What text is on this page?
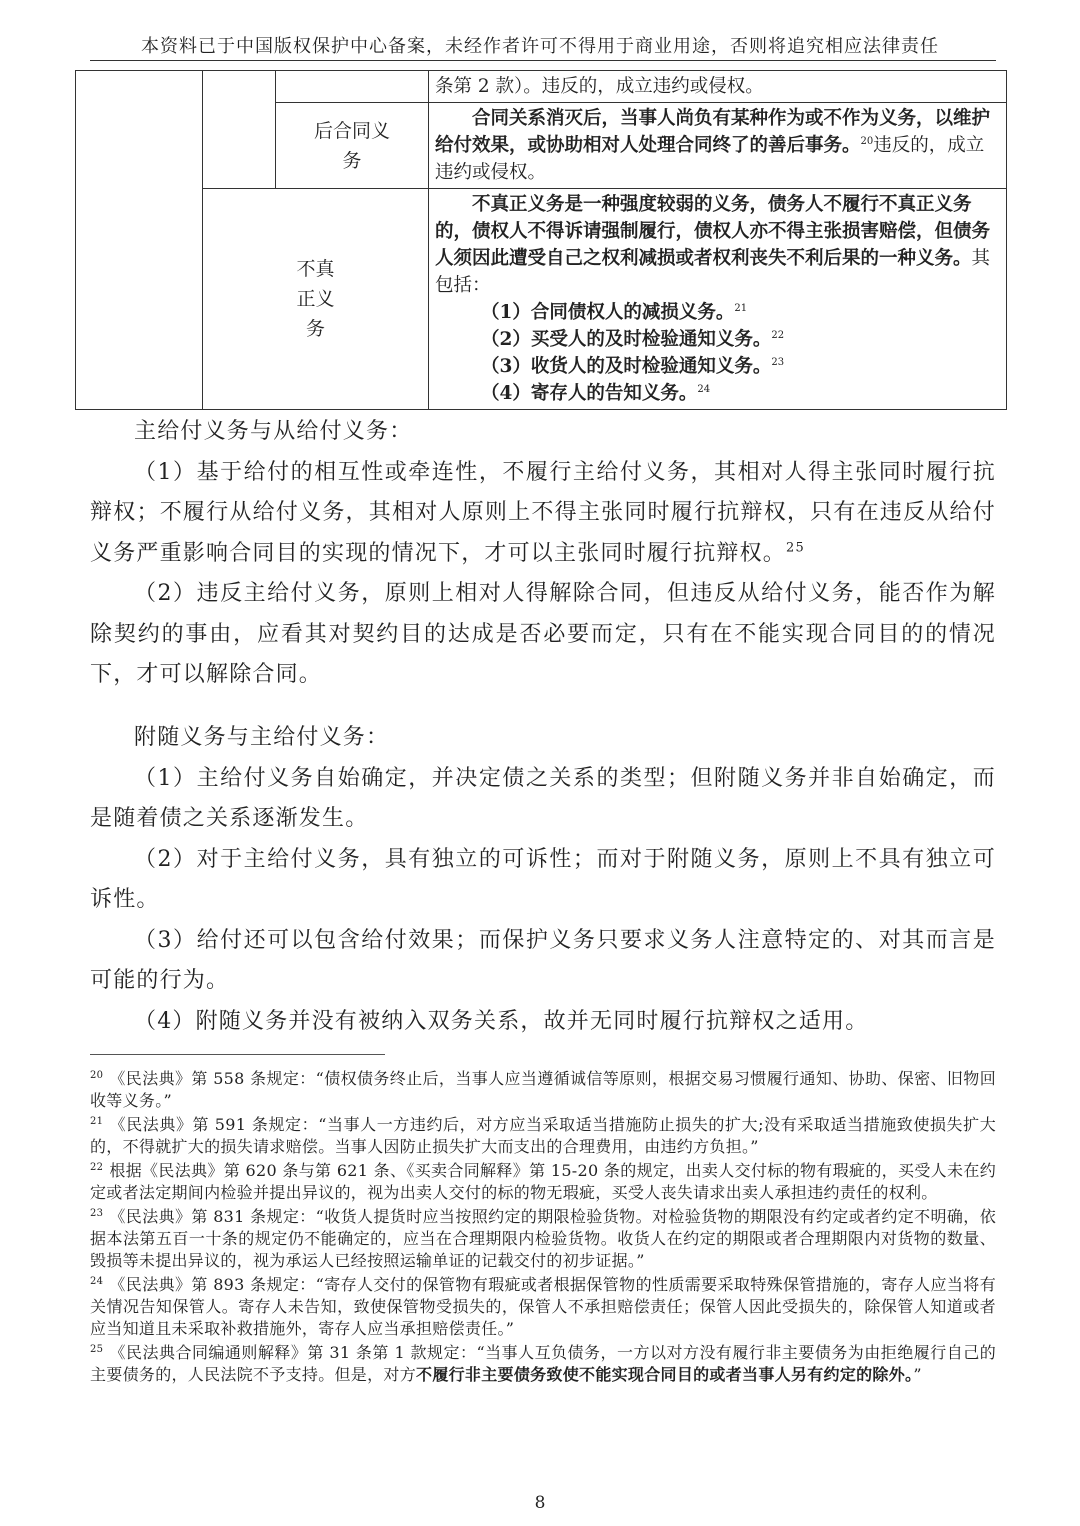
本资料已于中国版权保护中心备案，未经作者许可不得用于商业用途，否则将追究相应法律责任
			条第 2 款）。违反的，成立违约或侵权。

		后合同义务	合同关系消灭后，当事人尚负有某种作为或不作为义务，以维护给付效果，或协助相对人处理合同终了的善后事务。$^{20}$违反的，成立违约或侵权。

	不真正义务		不真正义务是一种强度较弱的义务，债务人不履行不真正义务的，债权人不得诉请强制履行，债权人亦不得主张损害赔偿，但债务人须因此遭受自己之权利减损或者权利丧失不利后果的一种义务。其包括：
（1）合同债权人的减损义务。$^{21}$
（2）买受人的及时检验通知义务。$^{22}$
（3）收货人的及时检验通知义务。$^{23}$
（4）寄存人的告知义务。$^{24}$

主给付义务与从给付义务：

（1）基于给付的相互性或牵连性，不履行主给付义务，其相对人得主张同时履行抗辩权；不履行从给付义务，其相对人原则上不得主张同时履行抗辩权，只有在违反从给付义务严重影响合同目的实现的情况下，才可以主张同时履行抗辩权。$^{25}$

（2）违反主给付义务，原则上相对人得解除合同，但违反从给付义务，能否作为解除契约的事由，应看其对契约目的达成是否必要而定，只有在不能实现合同目的的情况下，才可以解除合同。

附随义务与主给付义务：

（1）主给付义务自始确定，并决定债之关系的类型；但附随义务并非自始确定，而是随着债之关系逐渐发生。

（2）对于主给付义务，具有独立的可诉性；而对于附随义务，原则上不具有独立可诉性。

（3）给付还可以包含给付效果；而保护义务只要求义务人注意特定的、对其而言是可能的行为。

（4）附随义务并没有被纳入双务关系，故并无同时履行抗辩权之适用。

$^{20}$ 《民法典》第 558 条规定：“债权债务终止后，当事人应当遵循诚信等原则，根据交易习惯履行通知、协助、保密、旧物回收等义务。”

$^{21}$ 《民法典》第 591 条规定：“当事人一方违约后，对方应当采取适当措施防止损失的扩大;没有采取适当措施致使损失扩大的，不得就扩大的损失请求赔偿。当事人因防止损失扩大而支出的合理费用，由违约方负担。”

$^{22}$ 根据《民法典》第 620 条与第 621 条、《买卖合同解释》第 15-20 条的规定，出卖人交付标的物有瑕疵的，买受人未在约定或者法定期间内检验并提出异议的，视为出卖人交付的标的物无瑕疵，买受人丧失请求出卖人承担违约责任的权利。

$^{23}$ 《民法典》第 831 条规定：“收货人提货时应当按照约定的期限检验货物。对检验货物的期限没有约定或者约定不明确，依据本法第五百一十条的规定仍不能确定的，应当在合理期限内检验货物。收货人在约定的期限或者合理期限内对货物的数量、毁损等未提出异议的，视为承运人已经按照运输单证的记载交付的初步证据。”

$^{24}$ 《民法典》第 893 条规定：“寄存人交付的保管物有瑕疵或者根据保管物的性质需要采取特殊保管措施的，寄存人应当将有关情况告知保管人。寄存人未告知，致使保管物受损失的，保管人不承担赔偿责任；保管人因此受损失的，除保管人知道或者应当知道且未采取补救措施外，寄存人应当承担赔偿责任。”

$^{25}$ 《民法典合同编通则解释》第 31 条第 1 款规定：“当事人互负债务，一方以对方没有履行非主要债务为由拒绝履行自己的主要债务的，人民法院不予支持。但是，对方不履行非主要债务致使不能实现合同目的或者当事人另有约定的除外。”

8
